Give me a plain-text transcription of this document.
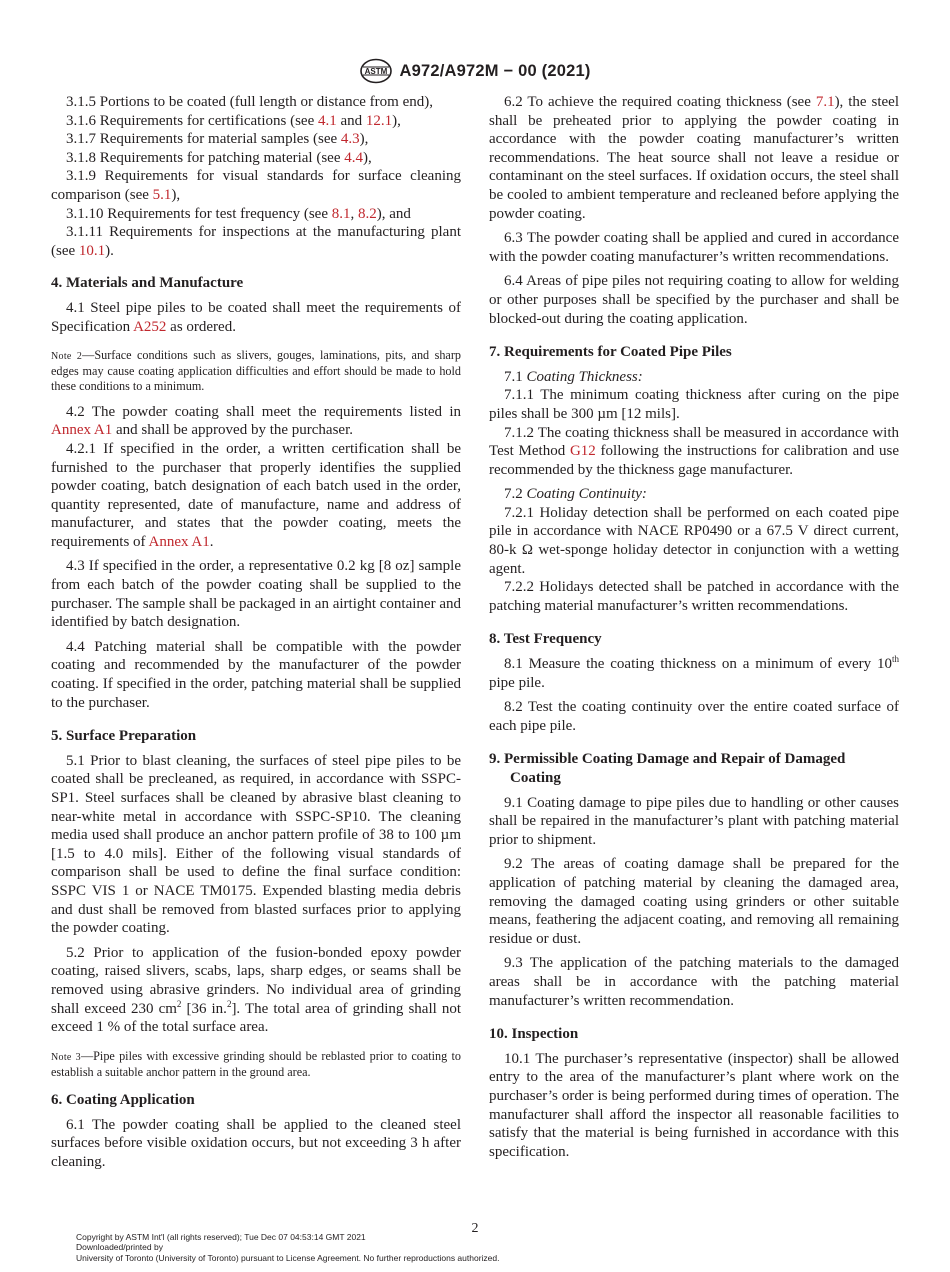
ASTM A972/A972M − 00 (2021)

3.1.5 Portions to be coated (full length or distance from end),

3.1.6 Requirements for certifications (see 4.1 and 12.1),

3.1.7 Requirements for material samples (see 4.3),

3.1.8 Requirements for patching material (see 4.4),

3.1.9 Requirements for visual standards for surface cleaning comparison (see 5.1),

3.1.10 Requirements for test frequency (see 8.1, 8.2), and

3.1.11 Requirements for inspections at the manufacturing plant (see 10.1).

4. Materials and Manufacture

4.1 Steel pipe piles to be coated shall meet the requirements of Specification A252 as ordered.

Note 2—Surface conditions such as slivers, gouges, laminations, pits, and sharp edges may cause coating application difficulties and effort should be made to hold these conditions to a minimum.

4.2 The powder coating shall meet the requirements listed in Annex A1 and shall be approved by the purchaser.

4.2.1 If specified in the order, a written certification shall be furnished to the purchaser that properly identifies the supplied powder coating, batch designation of each batch used in the order, quantity represented, date of manufacture, name and address of manufacturer, and states that the powder coating, meets the requirements of Annex A1.

4.3 If specified in the order, a representative 0.2 kg [8 oz] sample from each batch of the powder coating shall be supplied to the purchaser. The sample shall be packaged in an airtight container and identified by batch designation.

4.4 Patching material shall be compatible with the powder coating and recommended by the manufacturer of the powder coating. If specified in the order, patching material shall be supplied to the purchaser.

5. Surface Preparation

5.1 Prior to blast cleaning, the surfaces of steel pipe piles to be coated shall be precleaned, as required, in accordance with SSPC-SP1. Steel surfaces shall be cleaned by abrasive blast cleaning to near-white metal in accordance with SSPC-SP10. The cleaning media used shall produce an anchor pattern profile of 38 to 100 µm [1.5 to 4.0 mils]. Either of the following visual standards of comparison shall be used to define the final surface condition: SSPC VIS 1 or NACE TM0175. Expended blasting media debris and dust shall be removed from blasted surfaces prior to applying the powder coating.

5.2 Prior to application of the fusion-bonded epoxy powder coating, raised slivers, scabs, laps, sharp edges, or seams shall be removed using abrasive grinders. No individual area of grinding shall exceed 230 $cm^2$ [36 in.$^2$]. The total area of grinding shall not exceed 1 % of the total surface area.

Note 3—Pipe piles with excessive grinding should be reblasted prior to coating to establish a suitable anchor pattern in the ground area.

6. Coating Application

6.1 The powder coating shall be applied to the cleaned steel surfaces before visible oxidation occurs, but not exceeding 3 h after cleaning.

6.2 To achieve the required coating thickness (see 7.1), the steel shall be preheated prior to applying the powder coating in accordance with the powder coating manufacturer’s written recommendations. The heat source shall not leave a residue or contaminant on the steel surfaces. If oxidation occurs, the steel shall be cooled to ambient temperature and recleaned before applying the powder coating.

6.3 The powder coating shall be applied and cured in accordance with the powder coating manufacturer’s written recommendations.

6.4 Areas of pipe piles not requiring coating to allow for welding or other purposes shall be specified by the purchaser and shall be blocked-out during the coating application.

7. Requirements for Coated Pipe Piles

7.1 Coating Thickness:

7.1.1 The minimum coating thickness after curing on the pipe piles shall be 300 µm [12 mils].

7.1.2 The coating thickness shall be measured in accordance with Test Method G12 following the instructions for calibration and use recommended by the thickness gage manufacturer.

7.2 Coating Continuity:

7.2.1 Holiday detection shall be performed on each coated pipe pile in accordance with NACE RP0490 or a 67.5 V direct current, 80-k Ω wet-sponge holiday detector in conjunction with a wetting agent.

7.2.2 Holidays detected shall be patched in accordance with the patching material manufacturer’s written recommendations.

8. Test Frequency

8.1 Measure the coating thickness on a minimum of every 10th pipe pile.

8.2 Test the coating continuity over the entire coated surface of each pipe pile.

9. Permissible Coating Damage and Repair of Damaged Coating

9.1 Coating damage to pipe piles due to handling or other causes shall be repaired in the manufacturer’s plant with patching material prior to shipment.

9.2 The areas of coating damage shall be prepared for the application of patching material by cleaning the damaged area, removing the damaged coating using grinders or other suitable means, feathering the adjacent coating, and removing all remaining residue or dust.

9.3 The application of the patching materials to the damaged areas shall be in accordance with the patching material manufacturer’s written recommendation.

10. Inspection

10.1 The purchaser’s representative (inspector) shall be allowed entry to the area of the manufacturer’s plant where work on the purchaser’s order is being performed during times of operation. The manufacturer shall afford the inspector all reasonable facilities to satisfy that the material is being furnished in accordance with this specification.

2
Copyright by ASTM Int'l (all rights reserved); Tue Dec 07 04:53:14 GMT 2021
Downloaded/printed by
University of Toronto (University of Toronto) pursuant to License Agreement. No further reproductions authorized.
